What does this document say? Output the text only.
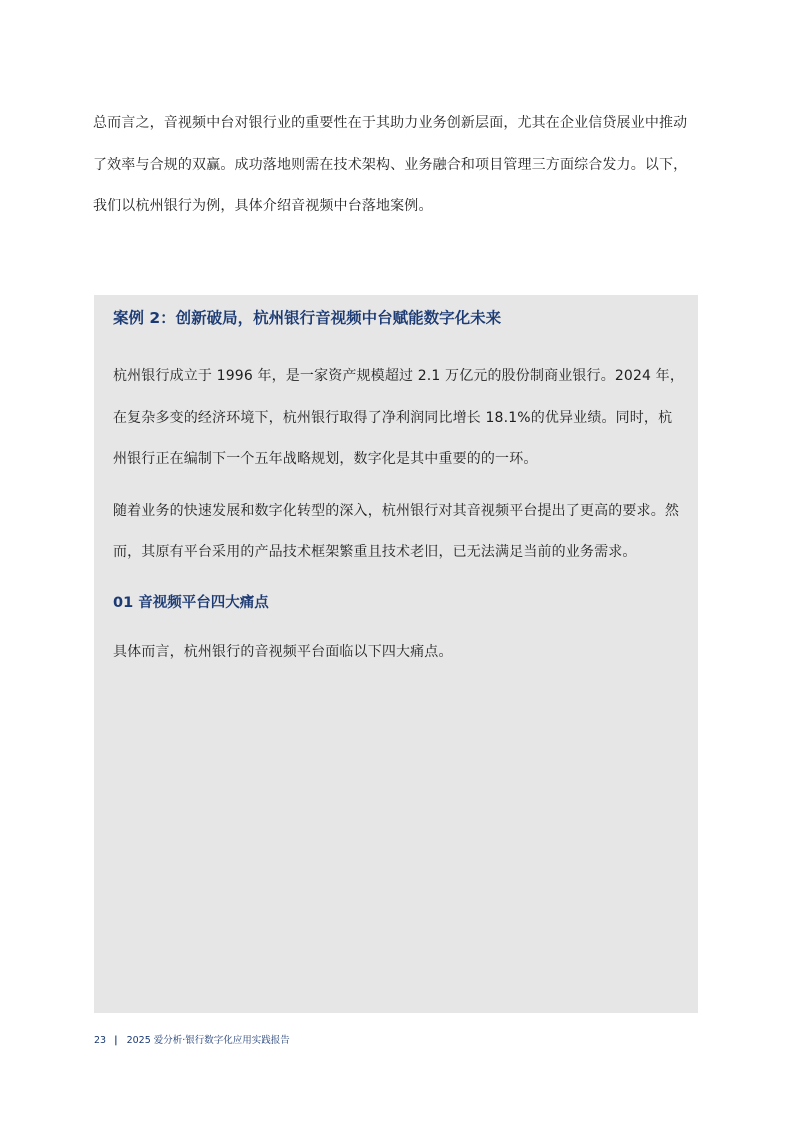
总而言之，音视频中台对银行业的重要性在于其助力业务创新层面，尤其在企业信贷展业中推动了效率与合规的双赢。成功落地则需在技术架构、业务融合和项目管理三方面综合发力。以下，我们以杭州银行为例，具体介绍音视频中台落地案例。

案例 2：创新破局，杭州银行音视频中台赋能数字化未来

杭州银行成立于 1996 年，是一家资产规模超过 2.1 万亿元的股份制商业银行。2024 年，在复杂多变的经济环境下，杭州银行取得了净利润同比增长 18.1%的优异业绩。同时，杭州银行正在编制下一个五年战略规划，数字化是其中重要的的一环。

随着业务的快速发展和数字化转型的深入，杭州银行对其音视频平台提出了更高的要求。然而，其原有平台采用的产品技术框架繁重且技术老旧，已无法满足当前的业务需求。

01 音视频平台四大痛点

具体而言，杭州银行的音视频平台面临以下四大痛点。

23 | 2025 爱分析·银行数字化应用实践报告
